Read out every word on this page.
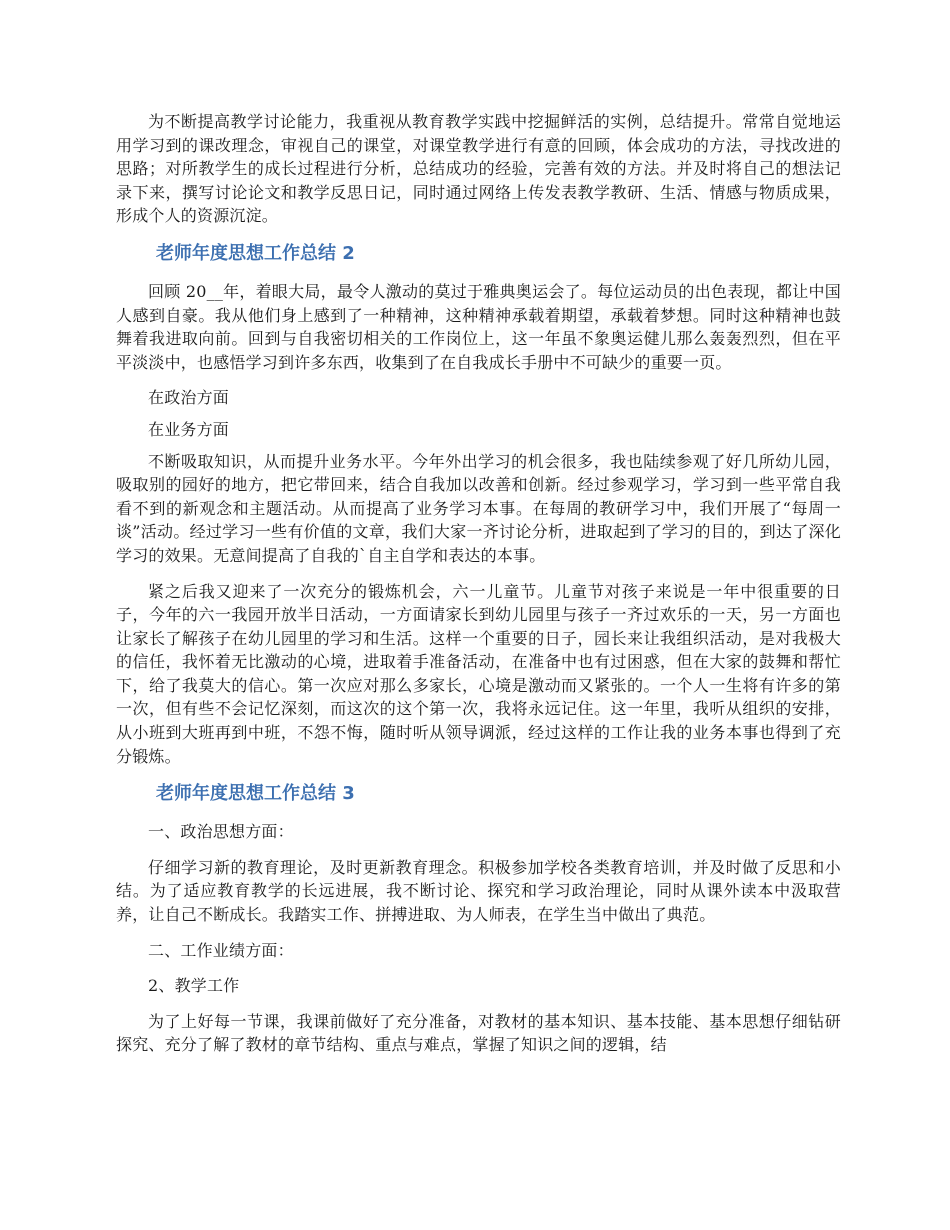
为不断提高教学讨论能力，我重视从教育教学实践中挖掘鲜活的实例，总结提升。常常自觉地运用学习到的课改理念，审视自己的课堂，对课堂教学进行有意的回顾，体会成功的方法，寻找改进的思路；对所教学生的成长过程进行分析，总结成功的经验，完善有效的方法。并及时将自己的想法记录下来，撰写讨论论文和教学反思日记，同时通过网络上传发表教学教研、生活、情感与物质成果，形成个人的资源沉淀。

老师年度思想工作总结 2

回顾 20__年，着眼大局，最令人激动的莫过于雅典奥运会了。每位运动员的出色表现，都让中国人感到自豪。我从他们身上感到了一种精神，这种精神承载着期望，承载着梦想。同时这种精神也鼓舞着我进取向前。回到与自我密切相关的工作岗位上，这一年虽不象奥运健儿那么轰轰烈烈，但在平平淡淡中，也感悟学习到许多东西，收集到了在自我成长手册中不可缺少的重要一页。

在政治方面

在业务方面

不断吸取知识，从而提升业务水平。今年外出学习的机会很多，我也陆续参观了好几所幼儿园，吸取别的园好的地方，把它带回来，结合自我加以改善和创新。经过参观学习，学习到一些平常自我看不到的新观念和主题活动。从而提高了业务学习本事。在每周的教研学习中，我们开展了“每周一谈”活动。经过学习一些有价值的文章，我们大家一齐讨论分析，进取起到了学习的目的，到达了深化学习的效果。无意间提高了自我的`自主自学和表达的本事。

紧之后我又迎来了一次充分的锻炼机会，六一儿童节。儿童节对孩子来说是一年中很重要的日子，今年的六一我园开放半日活动，一方面请家长到幼儿园里与孩子一齐过欢乐的一天，另一方面也让家长了解孩子在幼儿园里的学习和生活。这样一个重要的日子，园长来让我组织活动，是对我极大的信任，我怀着无比激动的心境，进取着手准备活动，在准备中也有过困惑，但在大家的鼓舞和帮忙下，给了我莫大的信心。第一次应对那么多家长，心境是激动而又紧张的。一个人一生将有许多的第一次，但有些不会记忆深刻，而这次的这个第一次，我将永远记住。这一年里，我听从组织的安排，从小班到大班再到中班，不怨不悔，随时听从领导调派，经过这样的工作让我的业务本事也得到了充分锻炼。

老师年度思想工作总结 3

一、政治思想方面：

仔细学习新的教育理论，及时更新教育理念。积极参加学校各类教育培训，并及时做了反思和小结。为了适应教育教学的长远进展，我不断讨论、探究和学习政治理论，同时从课外读本中汲取营养，让自己不断成长。我踏实工作、拼搏进取、为人师表，在学生当中做出了典范。

二、工作业绩方面：

2、教学工作

为了上好每一节课，我课前做好了充分准备，对教材的基本知识、基本技能、基本思想仔细钻研探究、充分了解了教材的章节结构、重点与难点，掌握了知识之间的逻辑，结
